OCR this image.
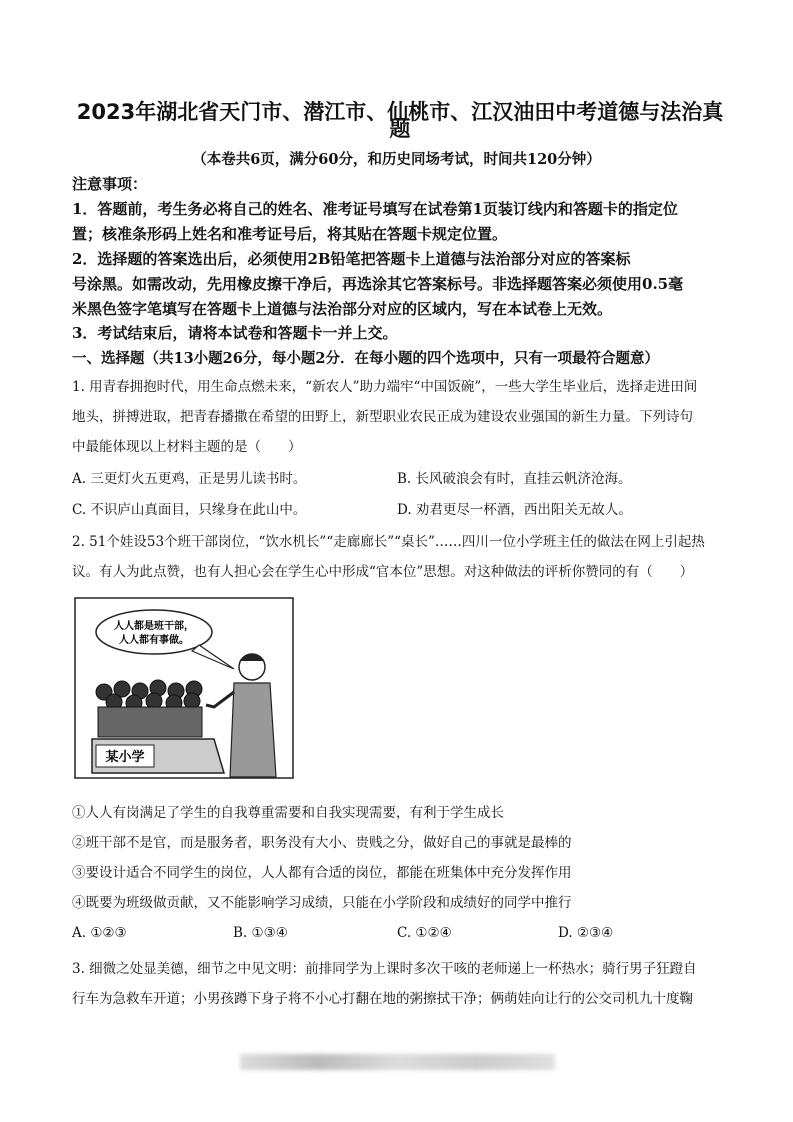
2023年湖北省天门市、潜江市、仙桃市、江汉油田中考道德与法治真
题
（本卷共6页，满分60分，和历史同场考试，时间共120分钟）
注意事项：
1．答题前，考生务必将自己的姓名、准考证号填写在试卷第1页装订线内和答题卡的指定位
置；核准条形码上姓名和准考证号后，将其贴在答题卡规定位置。
2．选择题的答案选出后，必须使用2B铅笔把答题卡上道德与法治部分对应的答案标
号涂黑。如需改动，先用橡皮擦干净后，再选涂其它答案标号。非选择题答案必须使用0.5毫
米黑色签字笔填写在答题卡上道德与法治部分对应的区域内，写在本试卷上无效。
3．考试结束后，请将本试卷和答题卡一并上交。
一、选择题（共13小题26分，每小题2分．在每小题的四个选项中，只有一项最符合题意）
1. 用青春拥抱时代，用生命点燃未来，“新农人”助力端牢“中国饭碗”，一些大学生毕业后，选择走进田间
地头，拼搏进取，把青春播撒在希望的田野上，新型职业农民正成为建设农业强国的新生力量。下列诗句
中最能体现以上材料主题的是（　　）
A. 三更灯火五更鸡，正是男儿读书时。	B. 长风破浪会有时，直挂云帆济沧海。
C. 不识庐山真面目，只缘身在此山中。	D. 劝君更尽一杯酒，西出阳关无故人。
2. 51个娃设53个班干部岗位，“饮水机长”“走廊廊长”“桌长”……四川一位小学班主任的做法在网上引起热
议。有人为此点赞，也有人担心会在学生心中形成“官本位”思想。对这种做法的评析你赞同的有（　　）
人人都是班干部，
人人都有事做。
某小学
①人人有岗满足了学生的自我尊重需要和自我实现需要，有利于学生成长
②班干部不是官，而是服务者，职务没有大小、贵贱之分，做好自己的事就是最棒的
③要设计适合不同学生的岗位，人人都有合适的岗位，都能在班集体中充分发挥作用
④既要为班级做贡献，又不能影响学习成绩，只能在小学阶段和成绩好的同学中推行
A. ①②③	B. ①③④	C. ①②④	D. ②③④
3. 细微之处显美德，细节之中见文明：前排同学为上课时多次干咳的老师递上一杯热水；骑行男子狂蹬自
行车为急救车开道；小男孩蹲下身子将不小心打翻在地的粥擦拭干净；俩萌娃向让行的公交司机九十度鞠
